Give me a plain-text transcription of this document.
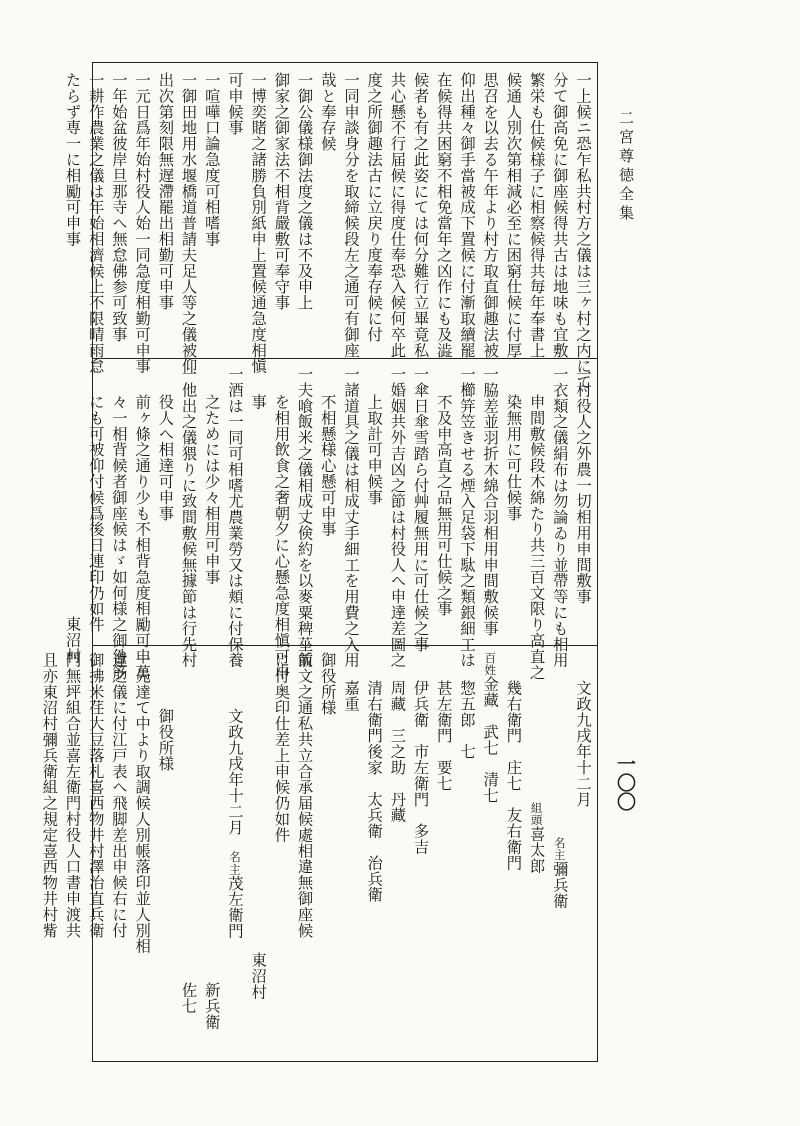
二宮尊徳全集
一〇〇
一上候ニ恐乍私共村方之儀は三ヶ村之内にて
分て御高免に御座候得共古は地味も宜敷
繁栄も仕候様子に相察候得共毎年奉書上
候通人別次第相減必至に困窮仕候に付厚
思召を以去る午年より村方取直御趣法被
仰出種々御手當被成下置候に付漸取續罷
在候得共困窮不相免當年之凶作にも及澁
候者も有之此姿にては何分難行立畢竟私
共心懸不行届候に得度仕奉恐入候何卒此
度之所御趣法古に立戻り度奉存候に付
一同申談身分を取締候段左之通可有御座
哉と奉存候
一御公儀様御法度之儀は不及申上
御家之御家法不相背嚴敷可奉守事
一博奕賭之諸勝負別紙申上置候通急度相愼
可申候事
一喧嘩口論急度可相嗜事
一御田地用水堰橋道普請夫足人等之儀被仰
出次第刻限無遅滯罷出相勤可申事
一元日爲年始村役人始一同急度相勤可申事
一年始盆彼岸旦那寺へ無怠佛参可致事
一耕作農業之儀は年始相濟候上不限晴雨怠
たらず専一に相勵可申事
一村役人之外農一切相用申間敷事
一衣類之儀絹布は勿論ゐり並帶等にも相用
申間敷候段木綿たり共三百文限り高直之
染無用に可仕候事
一脇差並羽折木綿合羽相用申間敷候事
一櫛笄笠きせる煙入足袋下駄之類銀細工は
不及申高直之品無用可仕候之事
一傘日傘雪踏ら付艸履無用に可仕候之事
一婚姻共外吉凶之節は村役人へ申達差圖之
上取計可申候事
一諸道具之儀は相成丈手細工を用費之入用
不相懸様心懸可申事
一夫喰飯米之儀相成丈倹約を以麥粟稗莝飯
を相用飲食之奢朝夕に心懸急度相愼可申
事
一酒は一同可相嗜尤農業勞又は頬に付保養
之ためには少々相用可申事
一他出之儀猥りに致間敷候無據節は行先村
役人へ相達可申事
前ヶ條之通り少も不相背急度相勵可申萬
々一相背候者御座候はゞ如何様之御咎筋
にも可被仰付候爲後日連印仍如件
東沼村
文政九戌年十二月
名主彌兵衛
組頭喜太郎
幾右衛門　庄七　友右衛門
百姓金藏　武七　清七
惣五郎　七
甚左衛門　要七
伊兵衛　市左衛門　多吉
周藏　三之助　丹藏
清右衛門後家　太兵衛　治兵衛
嘉重
御役所様
前文之通私共立合承届候處相違無御座候
に付奥印仕差上申候仍如件
東沼村
文政九戌年十二月　名主茂左衛門
新兵衛
佐七
御役所様
一先達て中より取調候人別帳落印並人別相
違之儀に付江戸表へ飛脚差出申候右に付
御拂米荏大豆落札喜西物井村澤治直兵衛
門無坪組合並喜左衛門村役人口書申渡共
且亦東沼村彌兵衛組之規定喜西物井村觜
